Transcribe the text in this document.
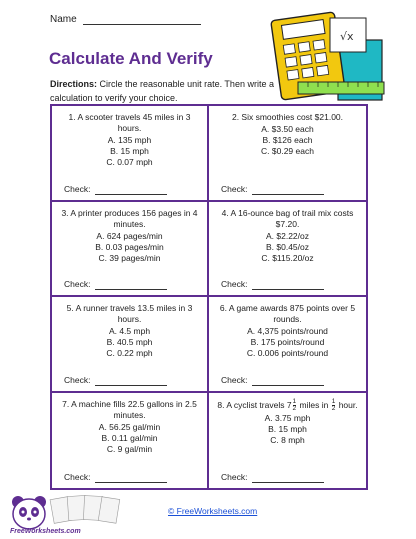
Name
Calculate And Verify
Directions: Circle the reasonable unit rate. Then write a calculation to verify your choice.
√x
1. A scooter travels 45 miles in 3 hours.
A. 135 mph
B. 15 mph
C. 0.07 mph
Check:
2. Six smoothies cost $21.00.
A. $3.50 each
B. $126 each
C. $0.29 each
Check:
3. A printer produces 156 pages in 4 minutes.
A. 624 pages/min
B. 0.03 pages/min
C. 39 pages/min
Check:
4. A 16-ounce bag of trail mix costs $7.20.
A. $2.22/oz
B. $0.45/oz
C. $115.20/oz
Check:
5. A runner travels 13.5 miles in 3 hours.
A. 4.5 mph
B. 40.5 mph
C. 0.22 mph
Check:
6. A game awards 875 points over 5 rounds.
A. 4,375 points/round
B. 175 points/round
C. 0.006 points/round
Check:
7. A machine fills 22.5 gallons in 2.5 minutes.
A. 56.25 gal/min
B. 0.11 gal/min
C. 9 gal/min
Check:
8. A cyclist travels $7 \frac{1}{2}$ miles in $\frac{1}{2}$ hour.
A. 3.75 mph
B. 15 mph
C. 8 mph
Check:
FreeWorksheets.com
© FreeWorksheets.com
